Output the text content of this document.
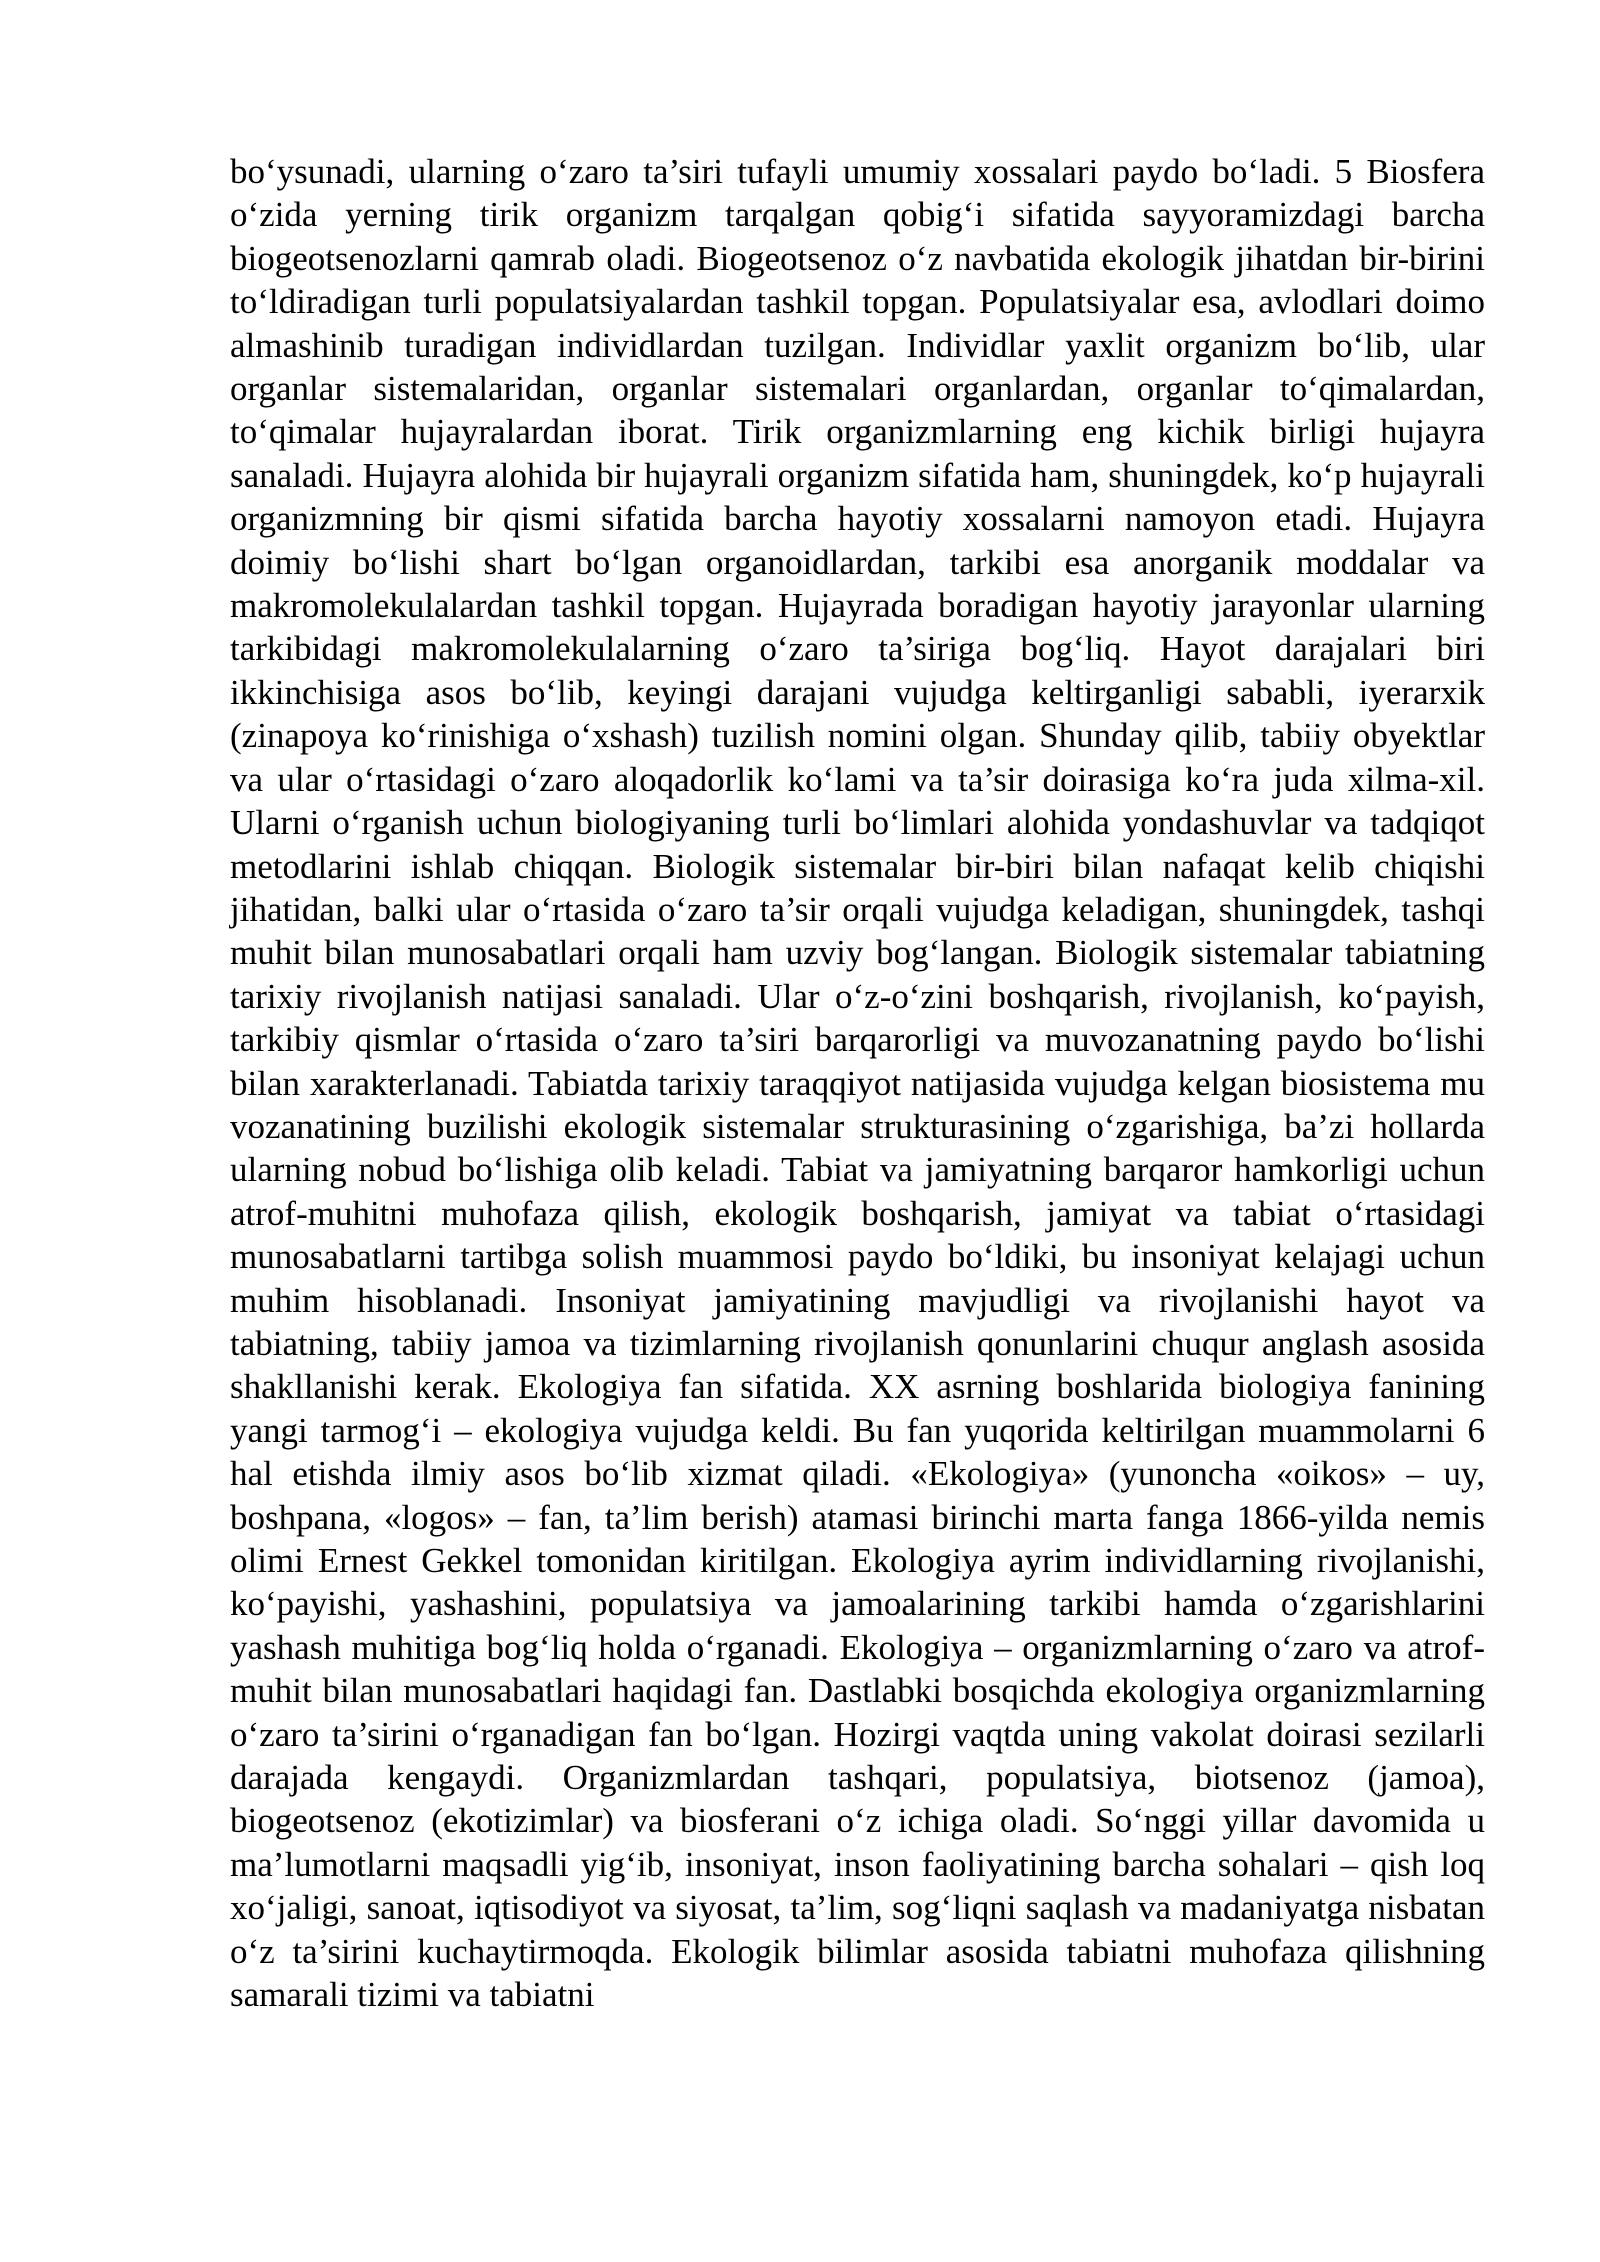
bo‘ysunadi, ularning o‘zaro ta’siri tufayli umumiy xossalari paydo bo‘ladi. 5 Biosfera o‘zida yerning tirik organizm tarqalgan qobig‘i sifatida sayyoramizdagi barcha biogeotsenozlarni qamrab oladi. Biogeotsenoz o‘z navbatida ekologik jihatdan bir-birini to‘ldiradigan turli populatsiyalardan tashkil topgan. Populatsiyalar esa, avlodlari doimo almashinib turadigan individlardan tuzilgan. Individlar yaxlit organizm bo‘lib, ular organlar sistemalaridan, organlar sistemalari organlardan, organlar to‘qimalardan, to‘qimalar hujayralardan iborat. Tirik organizmlarning eng kichik birligi hujayra sanaladi. Hujayra alohida bir hujayrali organizm sifatida ham, shuningdek, ko‘p hujayrali organizmning bir qismi sifatida barcha hayotiy xossalarni namoyon etadi. Hujayra doimiy bo‘lishi shart bo‘lgan organoidlardan, tarkibi esa anorganik moddalar va makromolekulalardan tashkil topgan. Hujayrada boradigan hayotiy jarayonlar ularning tarkibidagi makromolekulalarning o‘zaro ta’siriga bog‘liq. Hayot darajalari biri ikkinchisiga asos bo‘lib, keyingi darajani vujudga keltirganligi sababli, iyerarxik (zinapoya ko‘rinishiga o‘xshash) tuzilish nomini olgan. Shunday qilib, tabiiy obyektlar va ular o‘rtasidagi o‘zaro aloqadorlik ko‘lami va ta’sir doirasiga ko‘ra juda xilma-xil. Ularni o‘rganish uchun biologiyaning turli bo‘limlari alohida yondashuvlar va tadqiqot metodlarini ishlab chiqqan. Biologik sistemalar bir-biri bilan nafaqat kelib chiqishi jihatidan, balki ular o‘rtasida o‘zaro ta’sir orqali vujudga keladigan, shuningdek, tashqi muhit bilan munosabatlari orqali ham uzviy bog‘langan. Biologik sistemalar tabiatning tarixiy rivojlanish natijasi sanaladi. Ular o‘z-o‘zini boshqarish, rivojlanish, ko‘payish, tarkibiy qismlar o‘rtasida o‘zaro ta’siri barqarorligi va muvozanatning paydo bo‘lishi bilan xarakterlanadi. Tabiatda tarixiy taraqqiyot natijasida vujudga kelgan biosistema mu vozanatining buzilishi ekologik sistemalar strukturasining o‘zgarishiga, ba’zi hollarda ularning nobud bo‘lishiga olib keladi. Tabiat va jamiyatning barqaror hamkorligi uchun atrof-muhitni muhofaza qilish, ekologik boshqarish, jamiyat va tabiat o‘rtasidagi munosabatlarni tartibga solish muammosi paydo bo‘ldiki, bu insoniyat kelajagi uchun muhim hisoblanadi. Insoniyat jamiyatining mavjudligi va rivojlanishi hayot va tabiatning, tabiiy jamoa va tizimlarning rivojlanish qonunlarini chuqur anglash asosida shakllanishi kerak. Ekologiya fan sifatida. XX asrning boshlarida biologiya fanining yangi tarmog‘i – ekologiya vujudga keldi. Bu fan yuqorida keltirilgan muammolarni 6 hal etishda ilmiy asos bo‘lib xizmat qiladi. «Ekologiya» (yunoncha «oikos» – uy, boshpana, «logos» – fan, ta’lim berish) atamasi birinchi marta fanga 1866-yilda nemis olimi Ernest Gekkel tomonidan kiritilgan. Ekologiya ayrim individlarning rivojlanishi, ko‘payishi, yashashini, populatsiya va jamoalarining tarkibi hamda o‘zgarishlarini yashash muhitiga bog‘liq holda o‘rganadi. Ekologiya – organizmlarning o‘zaro va atrof-muhit bilan munosabatlari haqidagi fan. Dastlabki bosqichda ekologiya organizmlarning o‘zaro ta’sirini o‘rganadigan fan bo‘lgan. Hozirgi vaqtda uning vakolat doirasi sezilarli darajada kengaydi. Organizmlardan tashqari, populatsiya, biotsenoz (jamoa), biogeotsenoz (ekotizimlar) va biosferani o‘z ichiga oladi. So‘nggi yillar davomida u ma’lumotlarni maqsadli yig‘ib, insoniyat, inson faoliyatining barcha sohalari – qish loq xo‘jaligi, sanoat, iqtisodiyot va siyosat, ta’lim, sog‘liqni saqlash va madaniyatga nisbatan o‘z ta’sirini kuchaytirmoqda. Ekologik bilimlar asosida tabiatni muhofaza qilishning samarali tizimi va tabiatni
